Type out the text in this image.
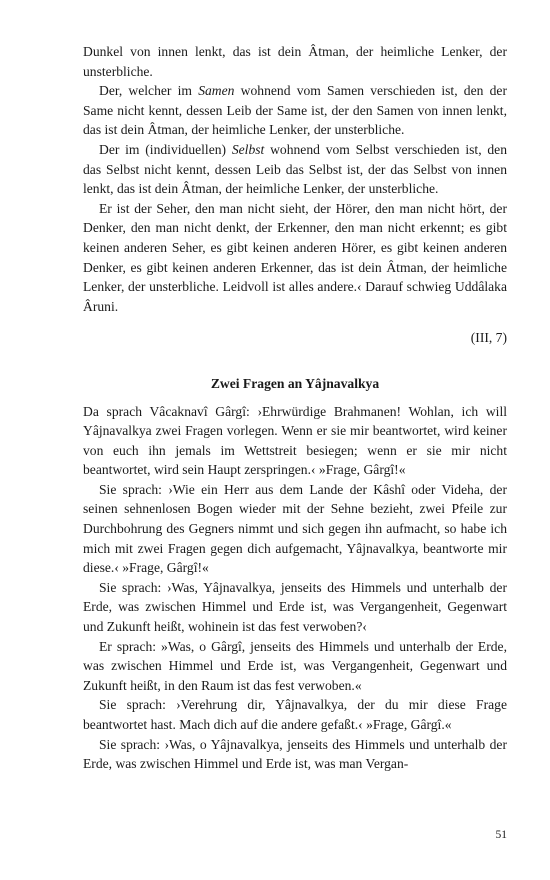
Dunkel von innen lenkt, das ist dein Âtman, der heimliche Lenker, der unsterbliche.

Der, welcher im Samen wohnend vom Samen verschieden ist, den der Same nicht kennt, dessen Leib der Same ist, der den Samen von innen lenkt, das ist dein Âtman, der heimliche Lenker, der unsterbliche.

Der im (individuellen) Selbst wohnend vom Selbst verschieden ist, den das Selbst nicht kennt, dessen Leib das Selbst ist, der das Selbst von innen lenkt, das ist dein Âtman, der heimliche Lenker, der unsterbliche.

Er ist der Seher, den man nicht sieht, der Hörer, den man nicht hört, der Denker, den man nicht denkt, der Erkenner, den man nicht erkennt; es gibt keinen anderen Seher, es gibt keinen anderen Hörer, es gibt keinen anderen Denker, es gibt keinen anderen Erkenner, das ist dein Âtman, der heimliche Lenker, der unsterbliche. Leidvoll ist alles andere.‹ Darauf schwieg Uddâlaka Âruni.

(III, 7)

Zwei Fragen an Yâjnavalkya

Da sprach Vâcaknavî Gârgî: ›Ehrwürdige Brahmanen! Wohlan, ich will Yâjnavalkya zwei Fragen vorlegen. Wenn er sie mir beantwortet, wird keiner von euch ihn jemals im Wettstreit besiegen; wenn er sie mir nicht beantwortet, wird sein Haupt zerspringen.‹ »Frage, Gârgî!«

Sie sprach: ›Wie ein Herr aus dem Lande der Kâshî oder Videha, der seinen sehnenlosen Bogen wieder mit der Sehne bezieht, zwei Pfeile zur Durchbohrung des Gegners nimmt und sich gegen ihn aufmacht, so habe ich mich mit zwei Fragen gegen dich aufgemacht, Yâjnavalkya, beantworte mir diese.‹ »Frage, Gârgî!«

Sie sprach: ›Was, Yâjnavalkya, jenseits des Himmels und unterhalb der Erde, was zwischen Himmel und Erde ist, was Vergangenheit, Gegenwart und Zukunft heißt, wohinein ist das fest verwoben?‹

Er sprach: »Was, o Gârgî, jenseits des Himmels und unterhalb der Erde, was zwischen Himmel und Erde ist, was Vergangenheit, Gegenwart und Zukunft heißt, in den Raum ist das fest verwoben.«

Sie sprach: ›Verehrung dir, Yâjnavalkya, der du mir diese Frage beantwortet hast. Mach dich auf die andere gefaßt.‹ »Frage, Gârgî.«

Sie sprach: ›Was, o Yâjnavalkya, jenseits des Himmels und unterhalb der Erde, was zwischen Himmel und Erde ist, was man Vergan-

51
